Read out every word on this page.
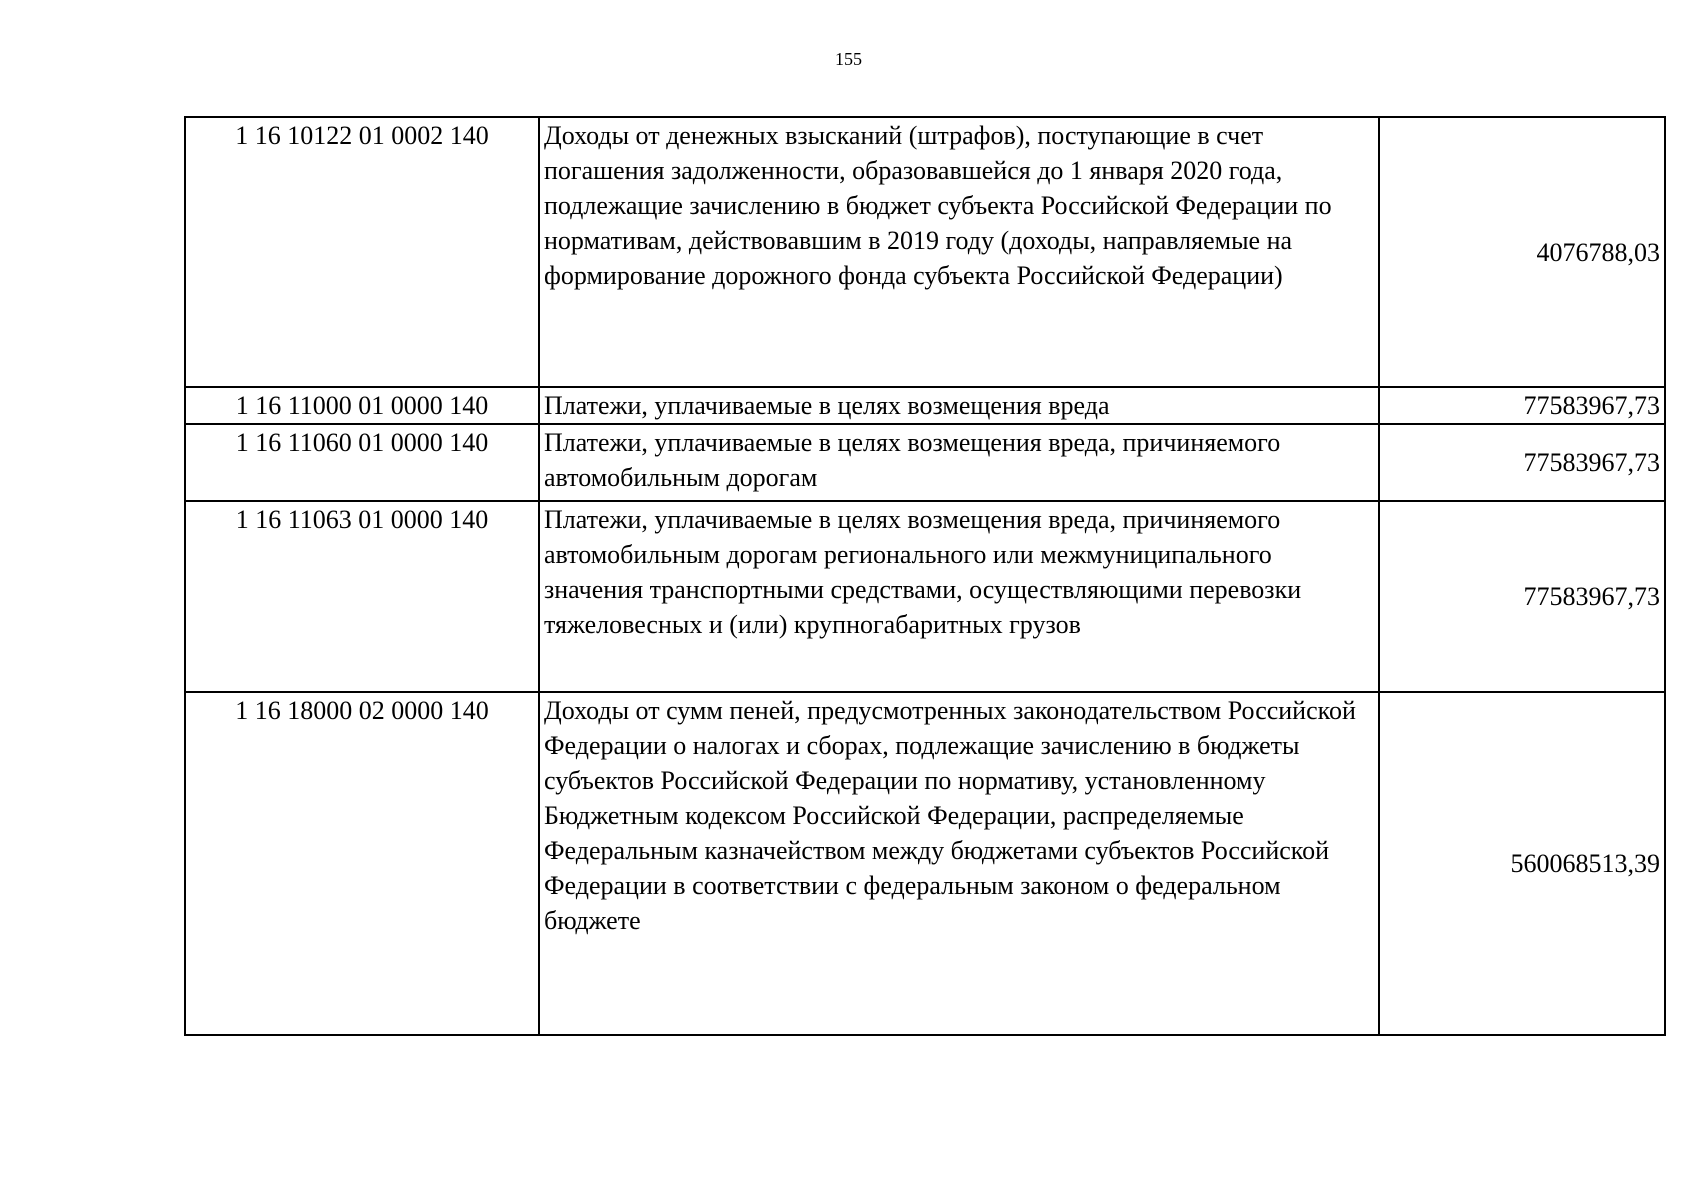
155
1 16 10122 01 0002 140	Доходы от денежных взысканий (штрафов), поступающие в счет погашения задолженности, образовавшейся до 1 января 2020 года, подлежащие зачислению в бюджет субъекта Российской Федерации по нормативам, действовавшим в 2019 году (доходы, направляемые на формирование дорожного фонда субъекта Российской Федерации)	4076788,03
1 16 11000 01 0000 140	Платежи, уплачиваемые в целях возмещения вреда	77583967,73
1 16 11060 01 0000 140	Платежи, уплачиваемые в целях возмещения вреда, причиняемого автомобильным дорогам	77583967,73
1 16 11063 01 0000 140	Платежи, уплачиваемые в целях возмещения вреда, причиняемого автомобильным дорогам регионального или межмуниципального значения транспортными средствами, осуществляющими перевозки тяжеловесных и (или) крупногабаритных грузов	77583967,73
1 16 18000 02 0000 140	Доходы от сумм пеней, предусмотренных законодательством Российской Федерации о налогах и сборах, подлежащие зачислению в бюджеты субъектов Российской Федерации по нормативу, установленному Бюджетным кодексом Российской Федерации, распределяемые Федеральным казначейством между бюджетами субъектов Российской Федерации в соответствии с федеральным законом о федеральном бюджете	560068513,39
